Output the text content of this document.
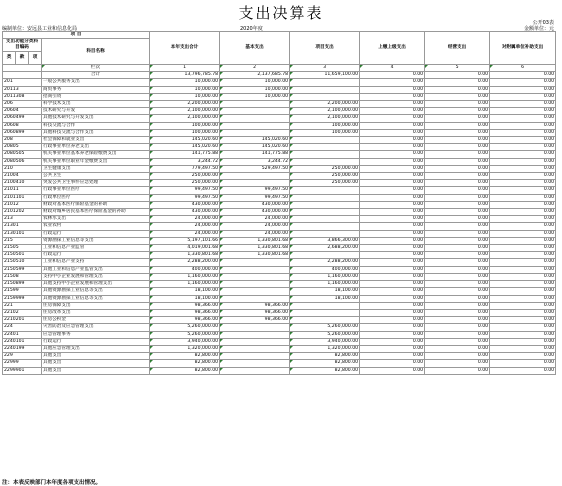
支出决算表
公开03表
编制单位：安远县工业和信息化局	2020年度	金额单位：元
项 目				本年支出合计	基本支出	项目支出	上缴上级支出	经营支出	对附属单位补助支出
支出功能分类科目编码			科目名称						
类	款	项							
			栏次	1	2	3	4	5	6
			合计	13,796,785.78	2,137,685.78	11,659,100.00	0.00	0.00	0.00
201			一般公共服务支出	10,000.00	10,000.00		0.00	0.00	0.00
20113			商贸事务	10,000.00	10,000.00		0.00	0.00	0.00
2011308			招商引资	10,000.00	10,000.00		0.00	0.00	0.00
206			科学技术支出	2,200,000.00		2,200,000.00	0.00	0.00	0.00
20604			技术研究与开发	2,100,000.00		2,100,000.00	0.00	0.00	0.00
2060499			其他技术研究与开发支出	2,100,000.00		2,100,000.00	0.00	0.00	0.00
20608			科技交流与合作	100,000.00		100,000.00	0.00	0.00	0.00
2060899			其他科技交流与合作支出	100,000.00		100,000.00	0.00	0.00	0.00
208			社会保障和就业支出	145,020.60	145,020.60		0.00	0.00	0.00
20805			行政事业单位养老支出	145,020.60	145,020.60		0.00	0.00	0.00
2080505			机关事业单位基本养老保险缴费支出	141,775.88	141,775.88		0.00	0.00	0.00
2080506			机关事业单位职业年金缴费支出	3,244.72	3,244.72		0.00	0.00	0.00
210			卫生健康支出	779,497.50	529,497.50	250,000.00	0.00	0.00	0.00
21004			公共卫生	250,000.00		250,000.00	0.00	0.00	0.00
2100410			突发公共卫生事件应急处理	250,000.00		250,000.00	0.00	0.00	0.00
21011			行政事业单位医疗	99,497.50	99,497.50		0.00	0.00	0.00
2101101			行政单位医疗	99,497.50	99,497.50		0.00	0.00	0.00
21012			财政对基本医疗保险基金的补助	430,000.00	430,000.00		0.00	0.00	0.00
2101202			财政对城乡居民基本医疗保险基金的补助	430,000.00	430,000.00		0.00	0.00	0.00
213			农林水支出	24,000.00	24,000.00		0.00	0.00	0.00
21301			农业农村	24,000.00	24,000.00		0.00	0.00	0.00
2130101			行政运行	24,000.00	24,000.00		0.00	0.00	0.00
215			资源勘探工业信息等支出	5,197,101.66	1,330,801.68	3,866,300.00	0.00	0.00	0.00
21505			工业和信息产业监管	4,019,001.68	1,330,801.68	2,688,200.00	0.00	0.00	0.00
2150501			行政运行	1,330,801.68	1,330,801.68		0.00	0.00	0.00
2150510			工业和信息产业支持	2,288,200.00		2,288,200.00	0.00	0.00	0.00
2150599			其他工业和信息产业监管支出	400,000.00		400,000.00	0.00	0.00	0.00
21508			支持中小企业发展和管理支出	1,160,000.00		1,160,000.00	0.00	0.00	0.00
2150899			其他支持中小企业发展和管理支出	1,160,000.00		1,160,000.00	0.00	0.00	0.00
21599			其他资源勘探工业信息等支出	18,100.00		18,100.00	0.00	0.00	0.00
2159999			其他资源勘探工业信息等支出	18,100.00		18,100.00	0.00	0.00	0.00
221			住房保障支出	98,366.00	98,366.00		0.00	0.00	0.00
22102			住房改革支出	98,366.00	98,366.00		0.00	0.00	0.00
2210201			住房公积金	98,366.00	98,366.00		0.00	0.00	0.00
224			灾害防治及应急管理支出	5,260,000.00		5,260,000.00	0.00	0.00	0.00
22401			应急管理事务	5,260,000.00		5,260,000.00	0.00	0.00	0.00
2240101			行政运行	3,940,000.00		3,940,000.00	0.00	0.00	0.00
2240199			其他应急管理支出	1,320,000.00		1,320,000.00	0.00	0.00	0.00
229			其他支出	82,800.00		82,800.00	0.00	0.00	0.00
22999			其他支出	82,800.00		82,800.00	0.00	0.00	0.00
2299901			其他支出	82,800.00		82,800.00	0.00	0.00	0.00
注：本表反映部门本年度各项支出情况。
